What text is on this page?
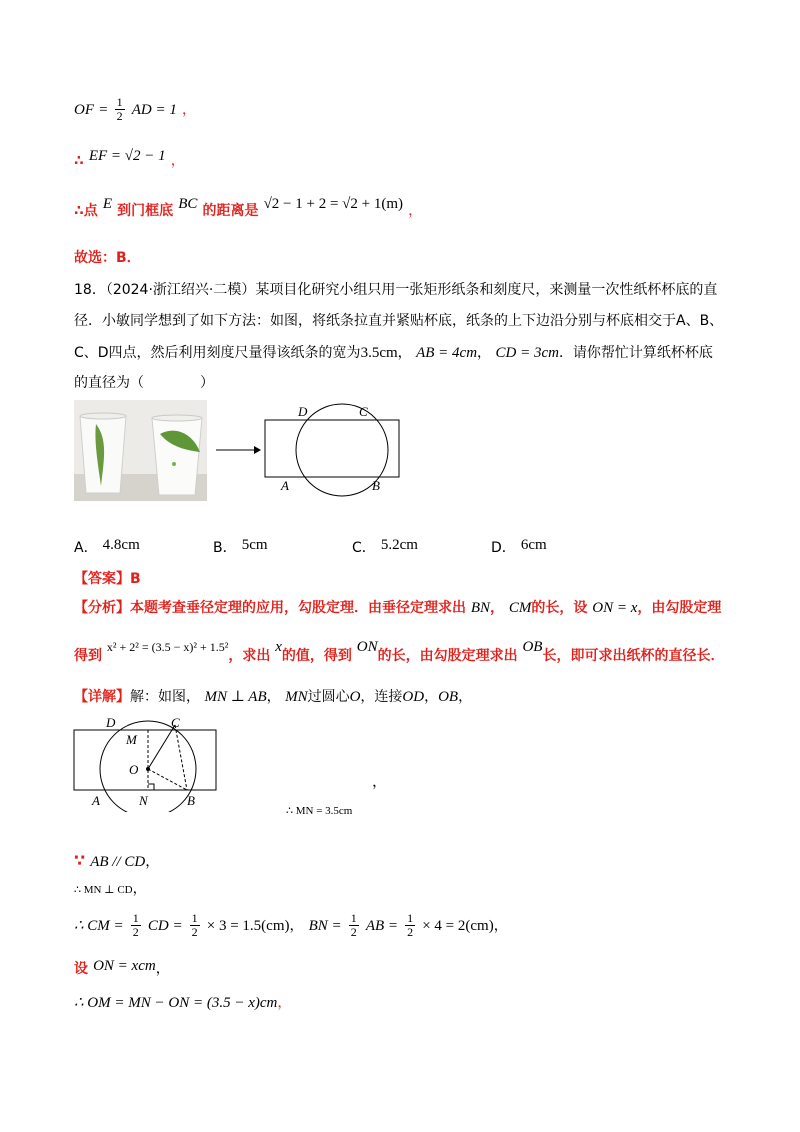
OF = $\frac{1}{2}$ AD = 1 ，
∴ EF = √2 − 1 ，
∴点 E 到门框底 BC 的距离是 √2 − 1 + 2 = √2 + 1(m) ，
故选：B．
18．（2024·浙江绍兴·二模）某项目化研究小组只用一张矩形纸条和刻度尺，来测量一次性纸杯杯底的直
径．小敏同学想到了如下方法：如图，将纸条拉直并紧贴杯底，纸条的上下边沿分别与杯底相交于A、B、
C、D四点，然后利用刻度尺量得该纸条的宽为3.5cm， AB = 4cm， CD = 3cm．请你帮忙计算纸杯杯底
的直径为（　　　　）
D	C
A	B
A． 4.8cm	B． 5cm	C． 5.2cm	D． 6cm
【答案】B
【分析】本题考查垂径定理的应用，勾股定理．由垂径定理求出 BN， CM的长，设 ON = x，由勾股定理
得到 x² + 2² = (3.5 − x)² + 1.5²，求出 x的值，得到 ON的长，由勾股定理求出 OB长，即可求出纸杯的直径长．
【详解】解：如图， MN ⊥ AB， MN过圆心O，连接OD，OB，
D	C
M
O
A	N	B
，
∴ MN = 3.5cm
∵ AB // CD，
∴ MN ⊥ CD，
∴ CM = $\frac{1}{2}$ CD = $\frac{1}{2} \times 3 = 1.5(cm)$， BN = $\frac{1}{2}$ AB = $\frac{1}{2} \times 4 = 2(cm)$，
设 ON = xcm，
∴ OM = MN − ON = (3.5 − x)cm，
